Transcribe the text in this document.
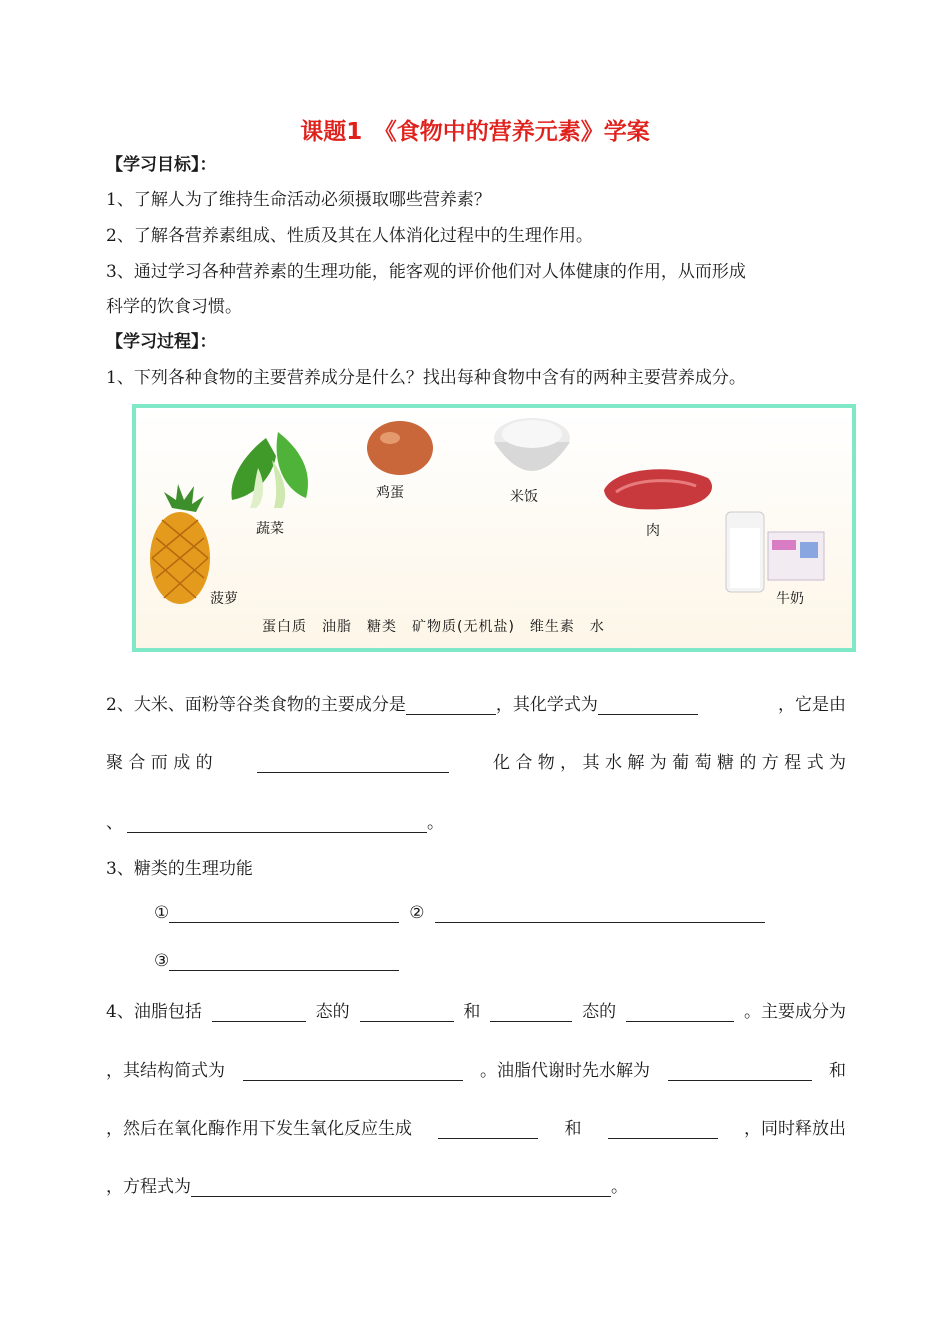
课题1　《食物中的营养元素》学案
【学习目标】：
1、了解人为了维持生命活动必须摄取哪些营养素？
2、了解各营养素组成、性质及其在人体消化过程中的生理作用。
3、通过学习各种营养素的生理功能，能客观的评价他们对人体健康的作用，从而形成
科学的饮食习惯。
【学习过程】：
1、下列各种食物的主要营养成分是什么？找出每种食物中含有的两种主要营养成分。
蔬菜
鸡蛋	米饭
肉
菠萝	牛奶
蛋白质　油脂　糖类　矿物质(无机盐)　维生素　水
2、大米、面粉等谷类食物的主要成分是	，其化学式为	，它是由
聚 合 而 成 的	化 合 物 ， 其 水 解 为 葡 萄 糖 的 方 程 式 为
、	。
3、糖类的生理功能
①	②
③
4、油脂包括	态的	和	态的	。主要成分为
，其结构简式为	。油脂代谢时先水解为	和
，然后在氧化酶作用下发生氧化反应生成	和	，同时释放出
，方程式为	。
